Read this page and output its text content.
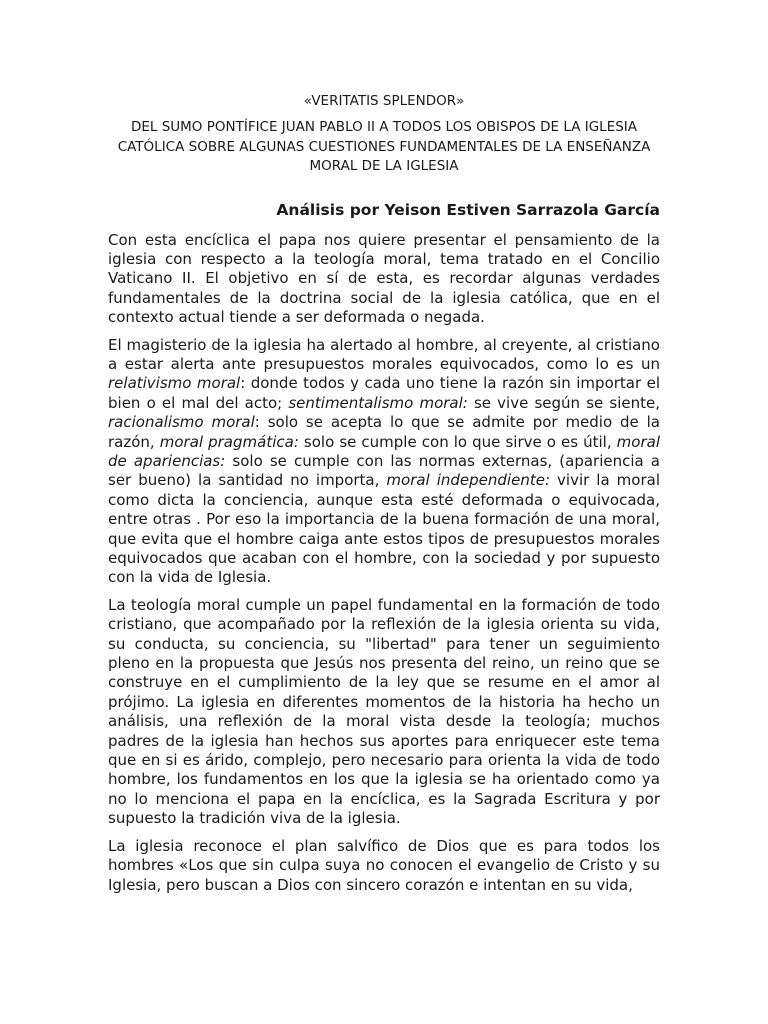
«VERITATIS SPLENDOR»
DEL SUMO PONTÍFICE JUAN PABLO II A TODOS LOS OBISPOS DE LA IGLESIA CATÓLICA SOBRE ALGUNAS CUESTIONES FUNDAMENTALES DE LA ENSEÑANZA MORAL DE LA IGLESIA
Análisis por Yeison Estiven Sarrazola García

Con esta encíclica el papa nos quiere presentar el pensamiento de la iglesia con respecto a la teología moral, tema tratado en el Concilio Vaticano II. El objetivo en sí de esta, es recordar algunas verdades fundamentales de la doctrina social de la iglesia católica, que en el contexto actual tiende a ser deformada o negada.

El magisterio de la iglesia ha alertado al hombre, al creyente, al cristiano a estar alerta ante presupuestos morales equivocados, como lo es un relativismo moral: donde todos y cada uno tiene la razón sin importar el bien o el mal del acto; sentimentalismo moral: se vive según se siente, racionalismo moral: solo se acepta lo que se admite por medio de la razón, moral pragmática: solo se cumple con lo que sirve o es útil, moral de apariencias: solo se cumple con las normas externas, (apariencia a ser bueno) la santidad no importa, moral independiente: vivir la moral como dicta la conciencia, aunque esta esté deformada o equivocada, entre otras . Por eso la importancia de la buena formación de una moral, que evita que el hombre caiga ante estos tipos de presupuestos morales equivocados que acaban con el hombre, con la sociedad y por supuesto con la vida de Iglesia.

La teología moral cumple un papel fundamental en la formación de todo cristiano, que acompañado por la reflexión de la iglesia orienta su vida, su conducta, su conciencia, su "libertad" para tener un seguimiento pleno en la propuesta que Jesús nos presenta del reino, un reino que se construye en el cumplimiento de la ley que se resume en el amor al prójimo. La iglesia en diferentes momentos de la historia ha hecho un análisis, una reflexión de la moral vista desde la teología; muchos padres de la iglesia han hechos sus aportes para enriquecer este tema que en si es árido, complejo, pero necesario para orienta la vida de todo hombre, los fundamentos en los que la iglesia se ha orientado como ya no lo menciona el papa en la encíclica, es la Sagrada Escritura y por supuesto la tradición viva de la iglesia.

La iglesia reconoce el plan salvífico de Dios que es para todos los hombres «Los que sin culpa suya no conocen el evangelio de Cristo y su Iglesia, pero buscan a Dios con sincero corazón e intentan en su vida,
